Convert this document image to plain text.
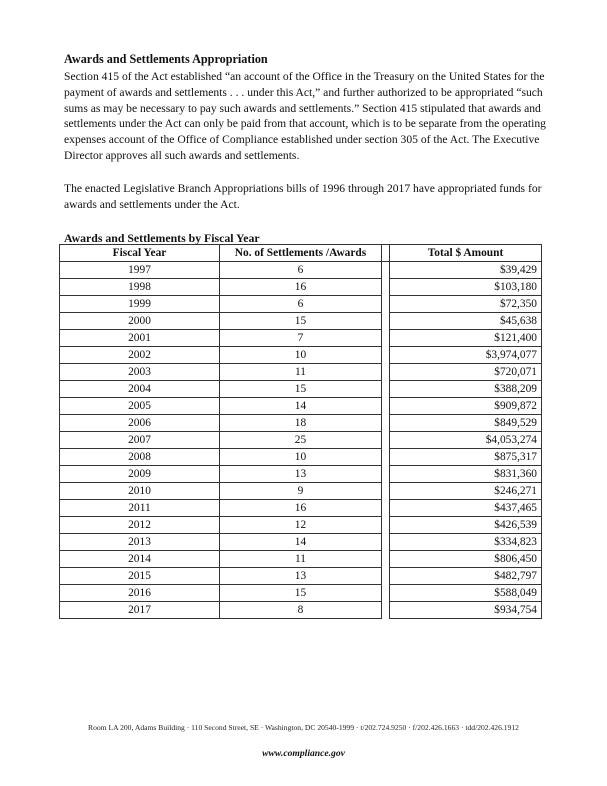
Awards and Settlements Appropriation

Section 415 of the Act established “an account of the Office in the Treasury on the United States for the payment of awards and settlements . . . under this Act,” and further authorized to be appropriated “such sums as may be necessary to pay such awards and settlements.” Section 415 stipulated that awards and settlements under the Act can only be paid from that account, which is to be separate from the operating expenses account of the Office of Compliance established under section 305 of the Act. The Executive Director approves all such awards and settlements.

The enacted Legislative Branch Appropriations bills of 1996 through 2017 have appropriated funds for awards and settlements under the Act.

Awards and Settlements by Fiscal Year
Fiscal Year	No. of Settlements /Awards		Total $ Amount
1997	6		$39,429
1998	16		$103,180
1999	6		$72,350
2000	15		$45,638
2001	7		$121,400
2002	10		$3,974,077
2003	11		$720,071
2004	15		$388,209
2005	14		$909,872
2006	18		$849,529
2007	25		$4,053,274
2008	10		$875,317
2009	13		$831,360
2010	9		$246,271
2011	16		$437,465
2012	12		$426,539
2013	14		$334,823
2014	11		$806,450
2015	13		$482,797
2016	15		$588,049
2017	8		$934,754
Room LA 200, Adams Building · 110 Second Street, SE · Washington, DC 20540-1999 · t/202.724.9250 · f/202.426.1663 · tdd/202.426.1912
www.compliance.gov
